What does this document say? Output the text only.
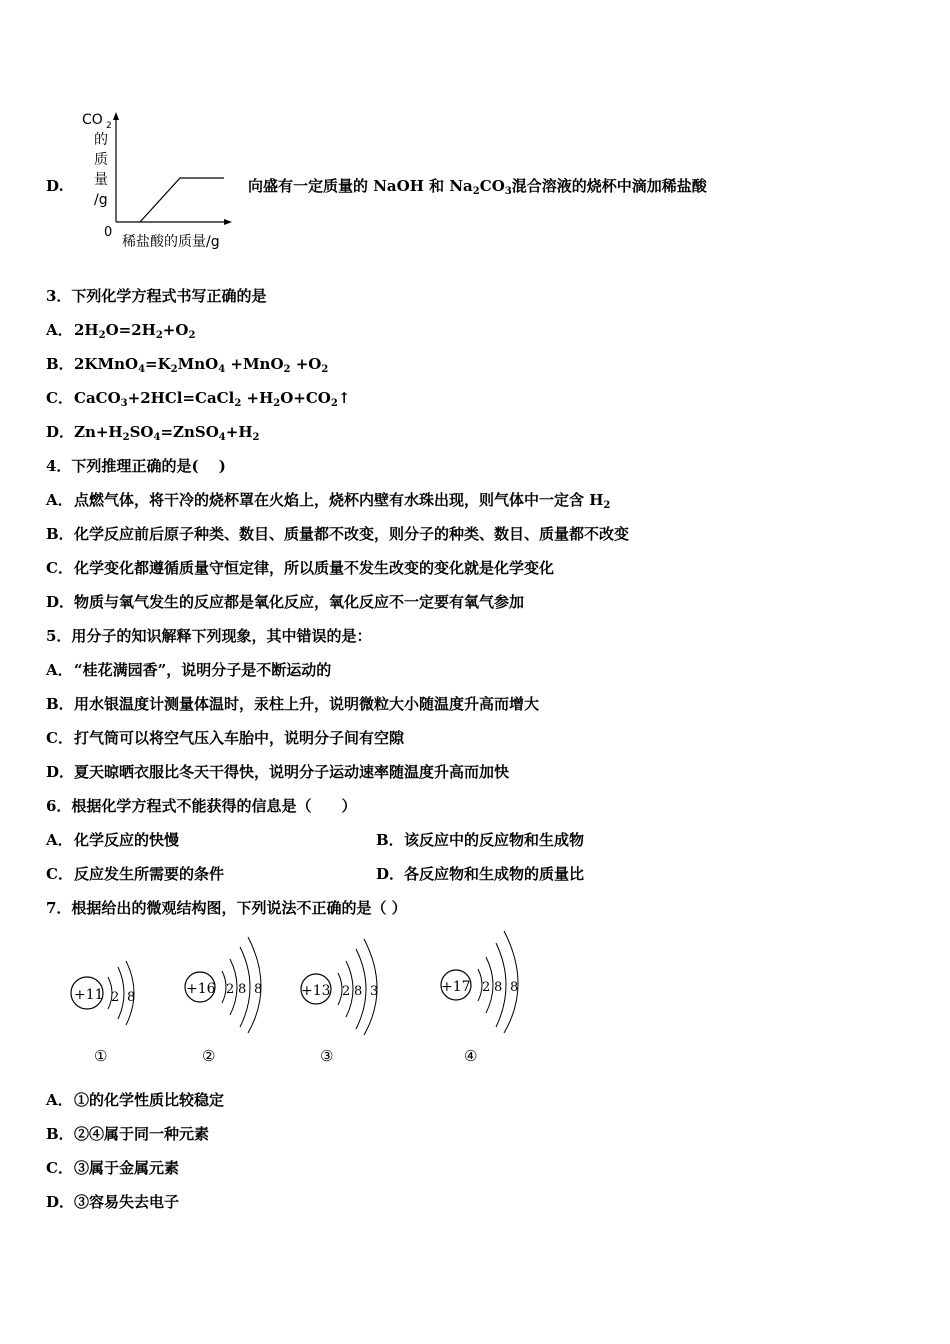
D.
CO 2
的
质
量
/g
0
稀盐酸的质量/g
向盛有一定质量的 NaOH 和 $Na_2CO_3$混合溶液的烧杯中滴加稀盐酸
3．下列化学方程式书写正确的是
A．$2H_2O=2H_2+O_2$
B．$2KMnO_4=K_2MnO_4 +MnO_2 +O_2$
C．CaCO$_3$+2HCl=CaCl$_2$ $+H_2O+CO_2↑$
D．$Zn+H_2SO_4=ZnSO_4+H_2$
4．下列推理正确的是(　 )
A．点燃气体，将干冷的烧杯罩在火焰上，烧杯内壁有水珠出现，则气体中一定含 $H_2$
B．化学反应前后原子种类、数目、质量都不改变，则分子的种类、数目、质量都不改变
C．化学变化都遵循质量守恒定律，所以质量不发生改变的变化就是化学变化
D．物质与氧气发生的反应都是氧化反应，氧化反应不一定要有氧气参加
5．用分子的知识解释下列现象，其中错误的是：
A．“桂花满园香”，说明分子是不断运动的
B．用水银温度计测量体温时，汞柱上升，说明微粒大小随温度升高而增大
C．打气筒可以将空气压入车胎中，说明分子间有空隙
D．夏天晾晒衣服比冬天干得快，说明分子运动速率随温度升高而加快
6．根据化学方程式不能获得的信息是（　　）
A．化学反应的快慢	B．该反应中的反应物和生成物
C．反应发生所需要的条件	D．各反应物和生成物的质量比
7．根据给出的微观结构图，下列说法不正确的是（ ）
+11 2 8
①
+16 2 8 8
②
+13 2 8 3
③
+17 2 8 8
④
A．①的化学性质比较稳定
B．②④属于同一种元素
C．③属于金属元素
D．③容易失去电子
